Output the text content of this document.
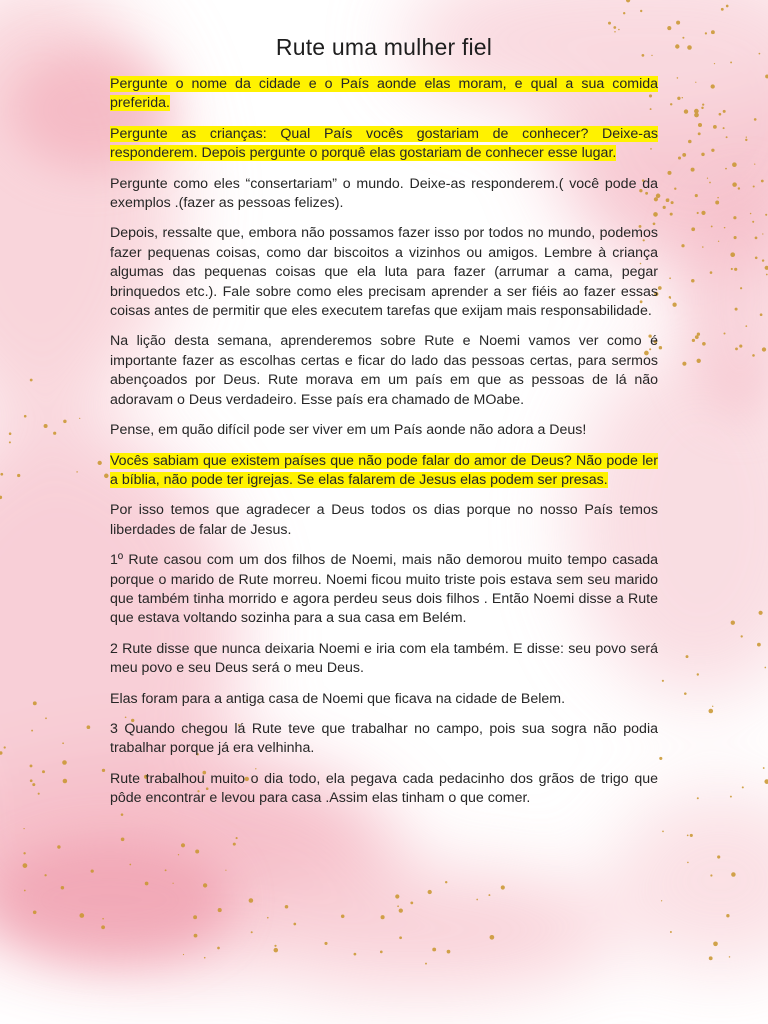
Rute uma mulher fiel

Pergunte o nome da cidade e o País aonde elas moram, e qual a sua comida preferida.

Pergunte as crianças: Qual País vocês gostariam de conhecer? Deixe-as responderem. Depois pergunte o porquê elas gostariam de conhecer esse lugar.

Pergunte como eles “consertariam” o mundo. Deixe-as responderem.( você pode da exemplos .(fazer as pessoas felizes).

Depois, ressalte que, embora não possamos fazer isso por todos no mundo, podemos fazer pequenas coisas, como dar biscoitos a vizinhos ou amigos. Lembre à criança algumas das pequenas coisas que ela luta para fazer (arrumar a cama, pegar brinquedos etc.). Fale sobre como eles precisam aprender a ser fiéis ao fazer essas coisas antes de permitir que eles executem tarefas que exijam mais responsabilidade.

Na lição desta semana, aprenderemos sobre Rute e Noemi vamos ver como é importante fazer as escolhas certas e ficar do lado das pessoas certas, para sermos abençoados por Deus. Rute morava em um país em que as pessoas de lá não adoravam o Deus verdadeiro. Esse país era chamado de MOabe.

Pense, em quão difícil pode ser viver em um País aonde não adora a Deus!

Vocês sabiam que existem países que não pode falar do amor de Deus? Não pode ler a bíblia, não pode ter igrejas. Se elas falarem de Jesus elas podem ser presas.

Por isso temos que agradecer a Deus todos os dias porque no nosso País temos liberdades de falar de Jesus.

1º Rute casou com um dos filhos de Noemi, mais não demorou muito tempo casada porque o marido de Rute morreu. Noemi ficou muito triste pois estava sem seu marido que também tinha morrido e agora perdeu seus dois filhos . Então Noemi disse a Rute que estava voltando sozinha para a sua casa em Belém.

2 Rute disse que nunca deixaria Noemi e iria com ela também. E disse: seu povo será meu povo e seu Deus será o meu Deus.

Elas foram para a antiga casa de Noemi que ficava na cidade de Belem.

3 Quando chegou lá Rute teve que trabalhar no campo, pois sua sogra não podia trabalhar porque já era velhinha.

Rute trabalhou muito o dia todo, ela pegava cada pedacinho dos grãos de trigo que pôde encontrar e levou para casa .Assim elas tinham o que comer.
